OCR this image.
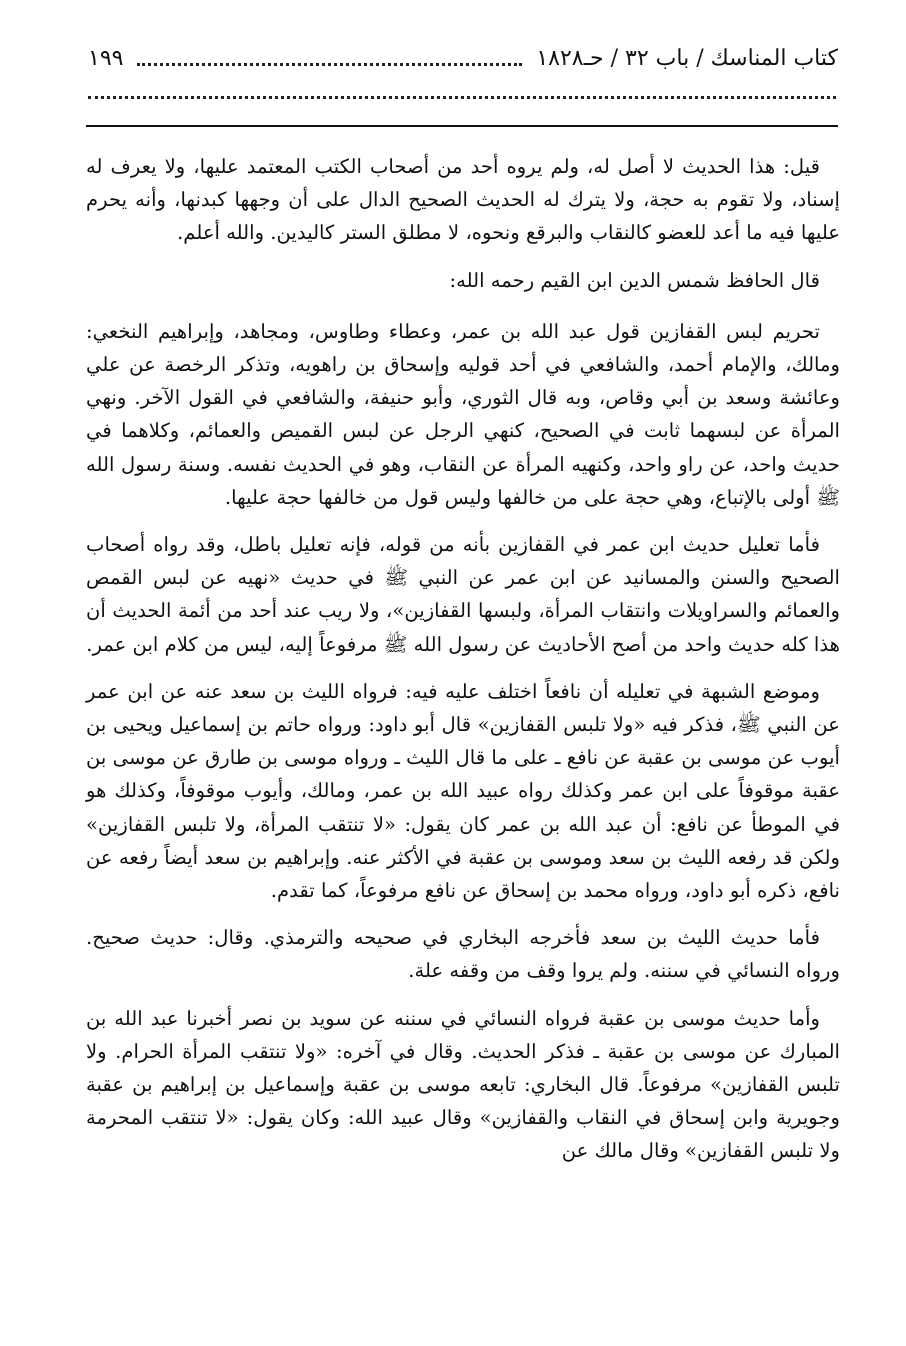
كتاب المناسك / باب ٣٢ / حـ١٨٢٨
١٩٩

قيل: هذا الحديث لا أصل له، ولم يروه أحد من أصحاب الكتب المعتمد عليها، ولا يعرف له إسناد، ولا تقوم به حجة، ولا يترك له الحديث الصحيح الدال على أن وجهها كبدنها، وأنه يحرم عليها فيه ما أعد للعضو كالنقاب والبرقع ونحوه، لا مطلق الستر كاليدين. والله أعلم.

قال الحافظ شمس الدين ابن القيم رحمه الله:

تحريم لبس القفازين قول عبد الله بن عمر، وعطاء وطاوس، ومجاهد، وإبراهيم النخعي: ومالك، والإمام أحمد، والشافعي في أحد قوليه وإسحاق بن راهويه، وتذكر الرخصة عن علي وعائشة وسعد بن أبي وقاص، وبه قال الثوري، وأبو حنيفة، والشافعي في القول الآخر. ونهي المرأة عن لبسهما ثابت في الصحيح، كنهي الرجل عن لبس القميص والعمائم، وكلاهما في حديث واحد، عن راو واحد، وكنهيه المرأة عن النقاب، وهو في الحديث نفسه. وسنة رسول الله ﷺ أولى بالإتباع، وهي حجة على من خالفها وليس قول من خالفها حجة عليها.

فأما تعليل حديث ابن عمر في القفازين بأنه من قوله، فإنه تعليل باطل، وقد رواه أصحاب الصحيح والسنن والمسانيد عن ابن عمر عن النبي ﷺ في حديث «نهيه عن لبس القمص والعمائم والسراويلات وانتقاب المرأة، ولبسها القفازين»، ولا ريب عند أحد من أئمة الحديث أن هذا كله حديث واحد من أصح الأحاديث عن رسول الله ﷺ مرفوعاً إليه، ليس من كلام ابن عمر.

وموضع الشبهة في تعليله أن نافعاً اختلف عليه فيه: فرواه الليث بن سعد عنه عن ابن عمر عن النبي ﷺ، فذكر فيه «ولا تلبس القفازين» قال أبو داود: ورواه حاتم بن إسماعيل ويحيى بن أيوب عن موسى بن عقبة عن نافع ـ على ما قال الليث ـ ورواه موسى بن طارق عن موسى بن عقبة موقوفاً على ابن عمر وكذلك رواه عبيد الله بن عمر، ومالك، وأيوب موقوفاً، وكذلك هو في الموطأ عن نافع: أن عبد الله بن عمر كان يقول: «لا تنتقب المرأة، ولا تلبس القفازين» ولكن قد رفعه الليث بن سعد وموسى بن عقبة في الأكثر عنه. وإبراهيم بن سعد أيضاً رفعه عن نافع، ذكره أبو داود، ورواه محمد بن إسحاق عن نافع مرفوعاً، كما تقدم.

فأما حديث الليث بن سعد فأخرجه البخاري في صحيحه والترمذي. وقال: حديث صحيح. ورواه النسائي في سننه. ولم يروا وقف من وقفه علة.

وأما حديث موسى بن عقبة فرواه النسائي في سننه عن سويد بن نصر أخبرنا عبد الله بن المبارك عن موسى بن عقبة ـ فذكر الحديث. وقال في آخره: «ولا تنتقب المرأة الحرام. ولا تلبس القفازين» مرفوعاً. قال البخاري: تابعه موسى بن عقبة وإسماعيل بن إبراهيم بن عقبة وجويرية وابن إسحاق في النقاب والقفازين» وقال عبيد الله: وكان يقول: «لا تنتقب المحرمة ولا تلبس القفازين» وقال مالك عن
